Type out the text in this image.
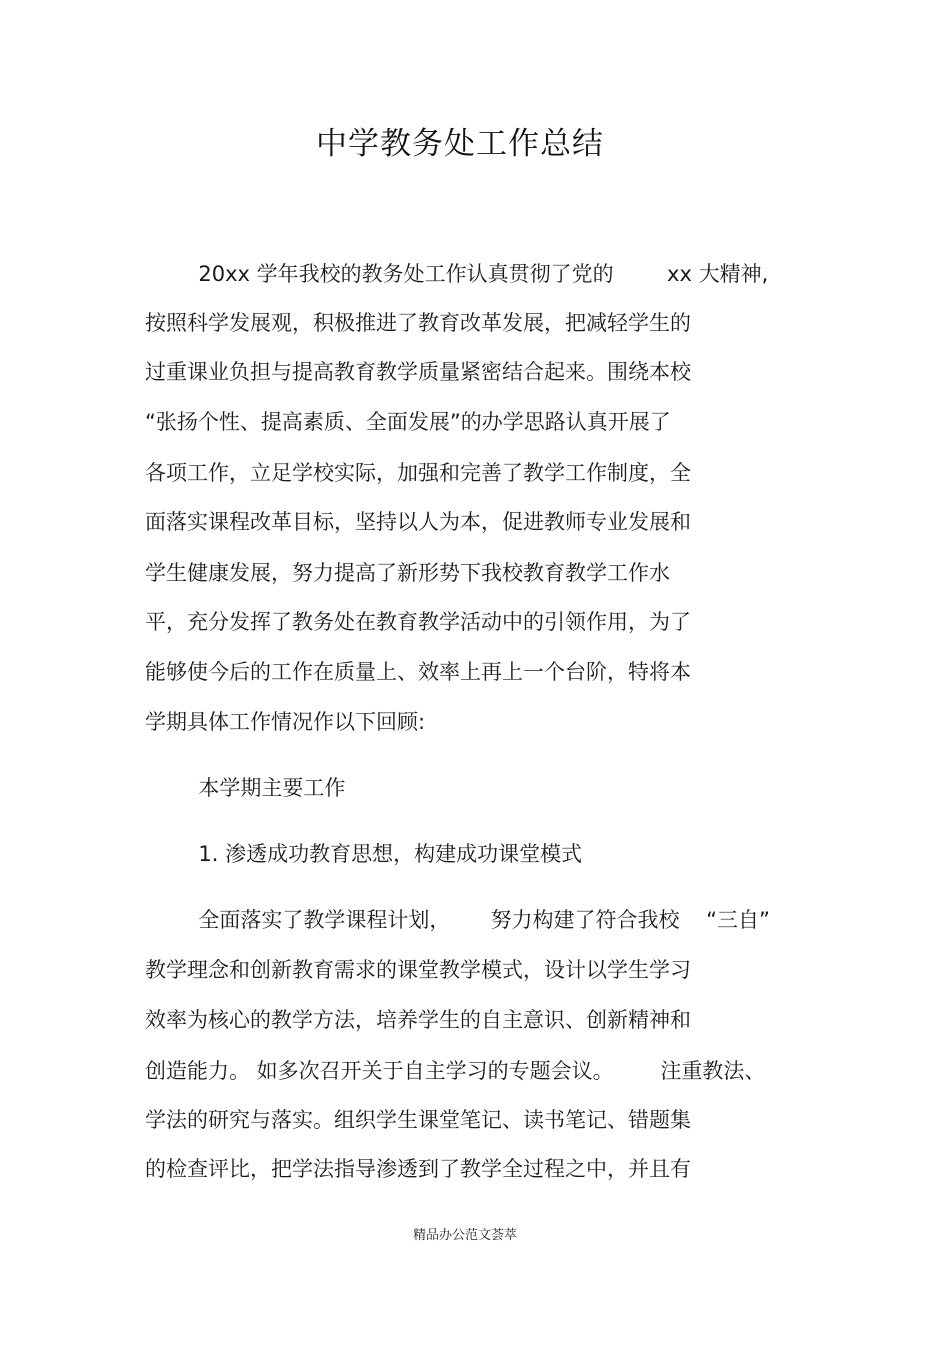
中学教务处工作总结
20xx 学年我校的教务处工作认真贯彻了党的        xx 大精神,
按照科学发展观，积极推进了教育改革发展，把减轻学生的
过重课业负担与提高教育教学质量紧密结合起来。围绕本校
“张扬个性、提高素质、全面发展”的办学思路认真开展了
各项工作，立足学校实际，加强和完善了教学工作制度，全
面落实课程改革目标，坚持以人为本，促进教师专业发展和
学生健康发展，努力提高了新形势下我校教育教学工作水
平，充分发挥了教务处在教育教学活动中的引领作用，为了
能够使今后的工作在质量上、效率上再上一个台阶，特将本
学期具体工作情况作以下回顾:
本学期主要工作
1. 渗透成功教育思想，构建成功课堂模式
全面落实了教学课程计划，      努力构建了符合我校    “三自”
教学理念和创新教育需求的课堂教学模式，设计以学生学习
效率为核心的教学方法，培养学生的自主意识、创新精神和
创造能力。 如多次召开关于自主学习的专题会议。       注重教法、
学法的研究与落实。组织学生课堂笔记、读书笔记、错题集
的检查评比，把学法指导渗透到了教学全过程之中，并且有
精品办公范文荟萃
